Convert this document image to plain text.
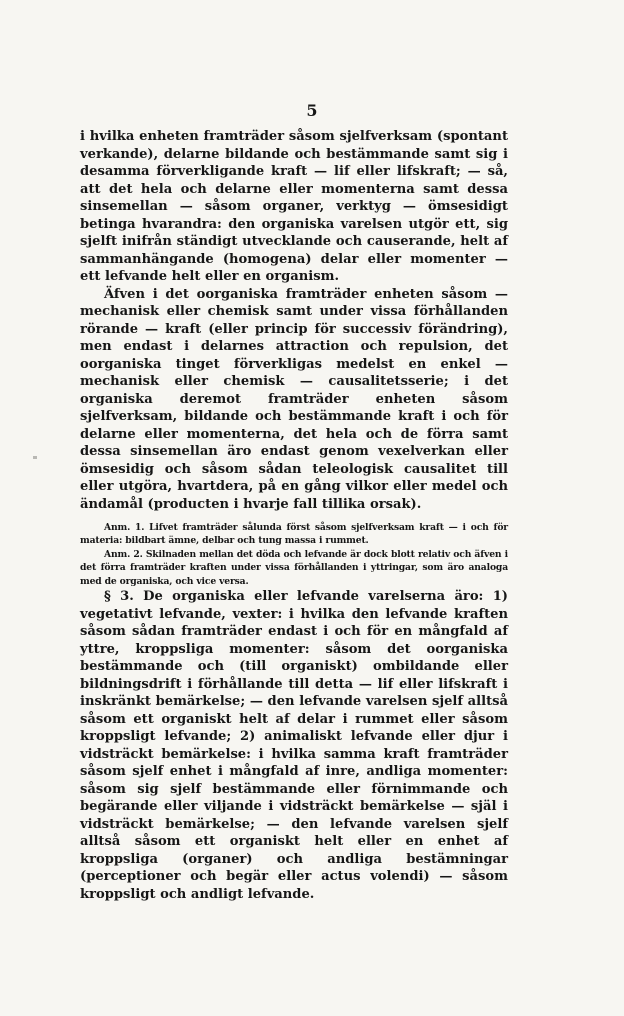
5

i hvilka enheten framträder såsom sjelfverksam (spontant verkande), delarne bildande och bestämmande samt sig i desamma förverkligande kraft — lif eller lifskraft; — så, att det hela och delarne eller momenterna samt dessa sinsemellan — såsom organer, verktyg — ömsesidigt betinga hvarandra: den organiska varelsen utgör ett, sig sjelft inifrån ständigt utvecklande och causerande, helt af sammanhängande (homogena) delar eller momenter — ett lefvande helt eller en organism.

Äfven i det oorganiska framträder enheten såsom — mechanisk eller chemisk samt under vissa förhållanden rörande — kraft (eller princip för successiv förändring), men endast i delarnes attraction och repulsion, det oorganiska tinget förverkligas medelst en enkel — mechanisk eller chemisk — causalitetsserie; i det organiska deremot framträder enheten såsom sjelfverksam, bildande och bestämmande kraft i och för delarne eller momenterna, det hela och de förra samt dessa sinsemellan äro endast genom vexelverkan eller ömsesidig och såsom sådan teleologisk causalitet till eller utgöra, hvartdera, på en gång vilkor eller medel och ändamål (producten i hvarje fall tillika orsak).

Anm. 1. Lifvet framträder sålunda först såsom sjelfverksam kraft — i och för materia: bildbart ämne, delbar och tung massa i rummet.

Anm. 2. Skilnaden mellan det döda och lefvande är dock blott relativ och äfven i det förra framträder kraften under vissa förhållanden i yttringar, som äro analoga med de organiska, och vice versa.

§ 3. De organiska eller lefvande varelserna äro: 1) vegetativt lefvande, vexter: i hvilka den lefvande kraften såsom sådan framträder endast i och för en mångfald af yttre, kroppsliga momenter: såsom det oorganiska bestämmande och (till organiskt) ombildande eller bildningsdrift i förhållande till detta — lif eller lifskraft i inskränkt bemärkelse; — den lefvande varelsen sjelf alltså såsom ett organiskt helt af delar i rummet eller såsom kroppsligt lefvande; 2) animaliskt lefvande eller djur i vidsträckt bemärkelse: i hvilka samma kraft framträder såsom sjelf enhet i mångfald af inre, andliga momenter: såsom sig sjelf bestämmande eller förnimmande och begärande eller viljande i vidsträckt bemärkelse — själ i vidsträckt bemärkelse; — den lefvande varelsen sjelf alltså såsom ett organiskt helt eller en enhet af kroppsliga (organer) och andliga bestämningar (perceptioner och begär eller actus volendi) — såsom kroppsligt och andligt lefvande.
